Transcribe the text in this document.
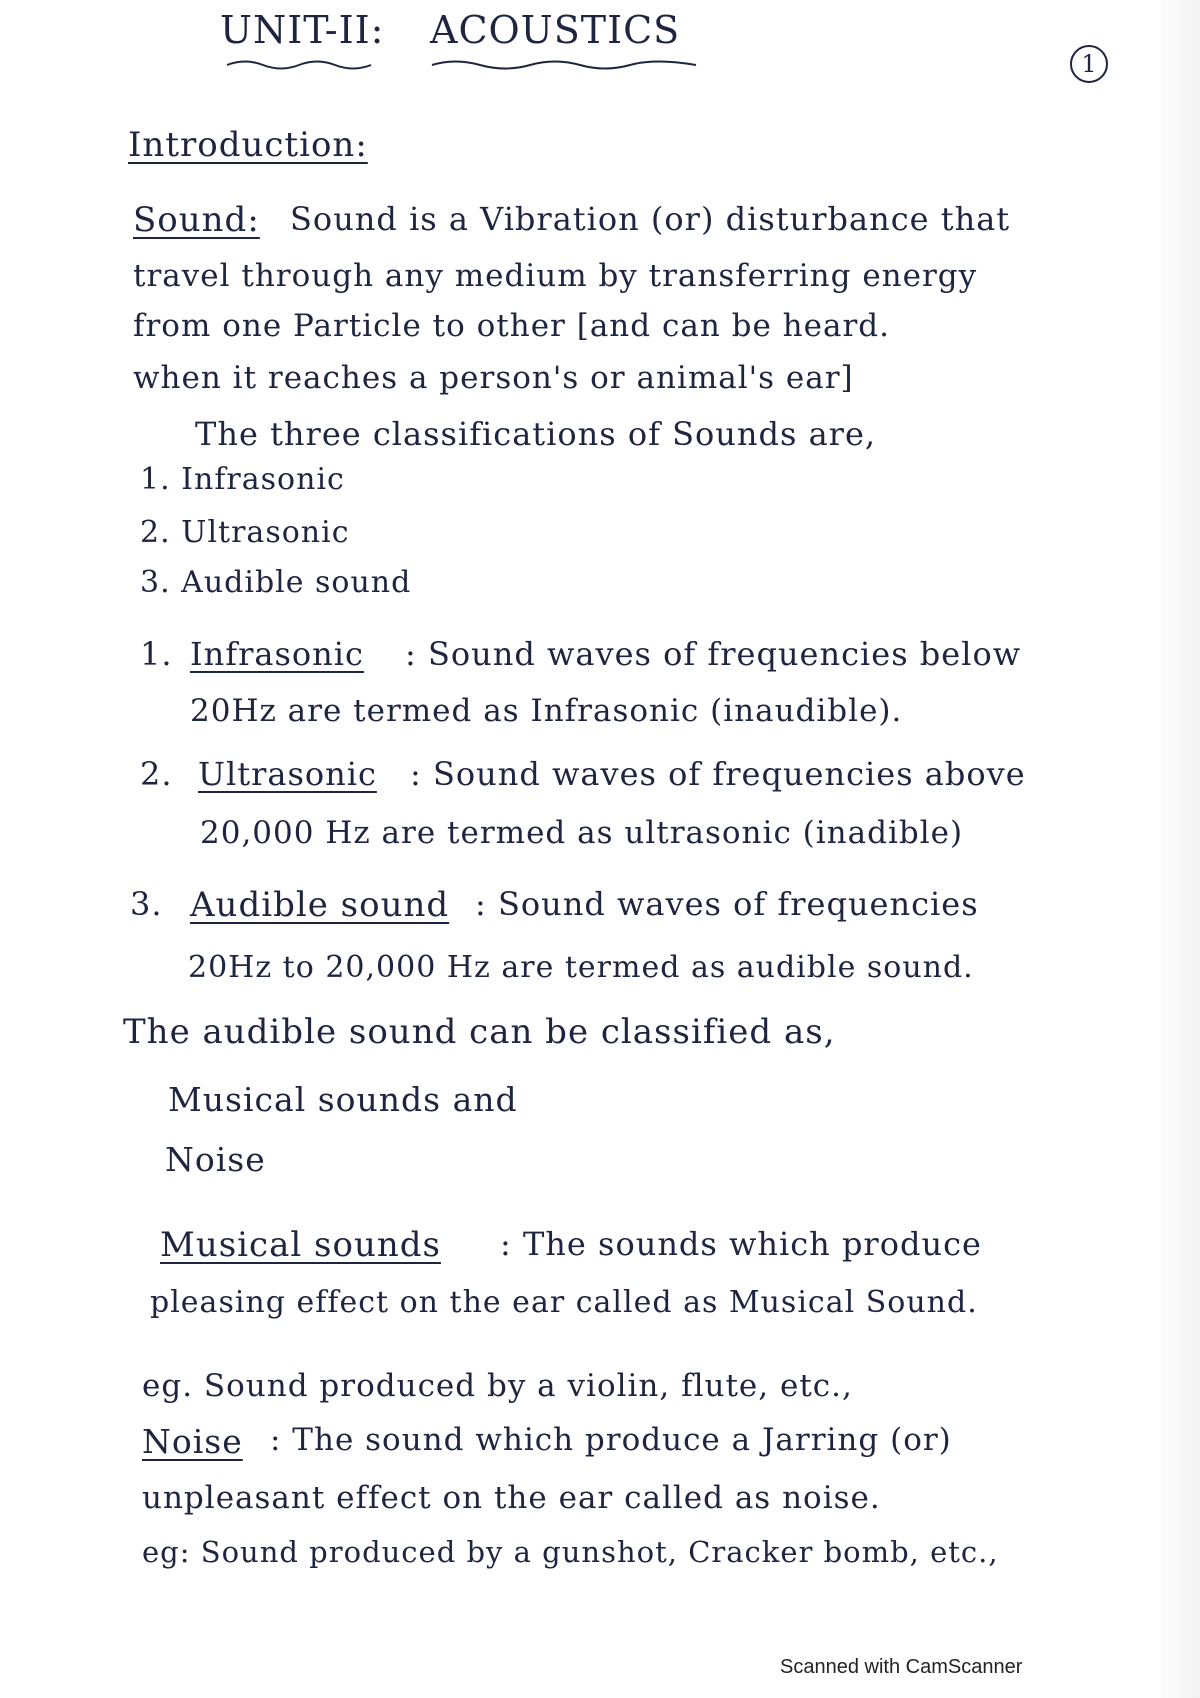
UNIT-II: ACOUSTICS
1
Introduction:
Sound: Sound is a Vibration (or) disturbance that
travel through any medium by transferring energy
from one Particle to other [and can be heard.
when it reaches a person's or animal's ear]
The three classifications of Sounds are,
1. Infrasonic
2. Ultrasonic
3. Audible sound
1. Infrasonic : Sound waves of frequencies below
20Hz are termed as Infrasonic (inaudible).
2. Ultrasonic : Sound waves of frequencies above
20,000 Hz are termed as ultrasonic (inadible)
3. Audible sound : Sound waves of frequencies
20Hz to 20,000 Hz are termed as audible sound.
The audible sound can be classified as,
Musical sounds and
Noise
Musical sounds : The sounds which produce
pleasing effect on the ear called as Musical Sound.
eg. Sound produced by a violin, flute, etc.,
Noise : The sound which produce a Jarring (or)
unpleasant effect on the ear called as noise.
eg: Sound produced by a gunshot, Cracker bomb, etc.,
Scanned with CamScanner
